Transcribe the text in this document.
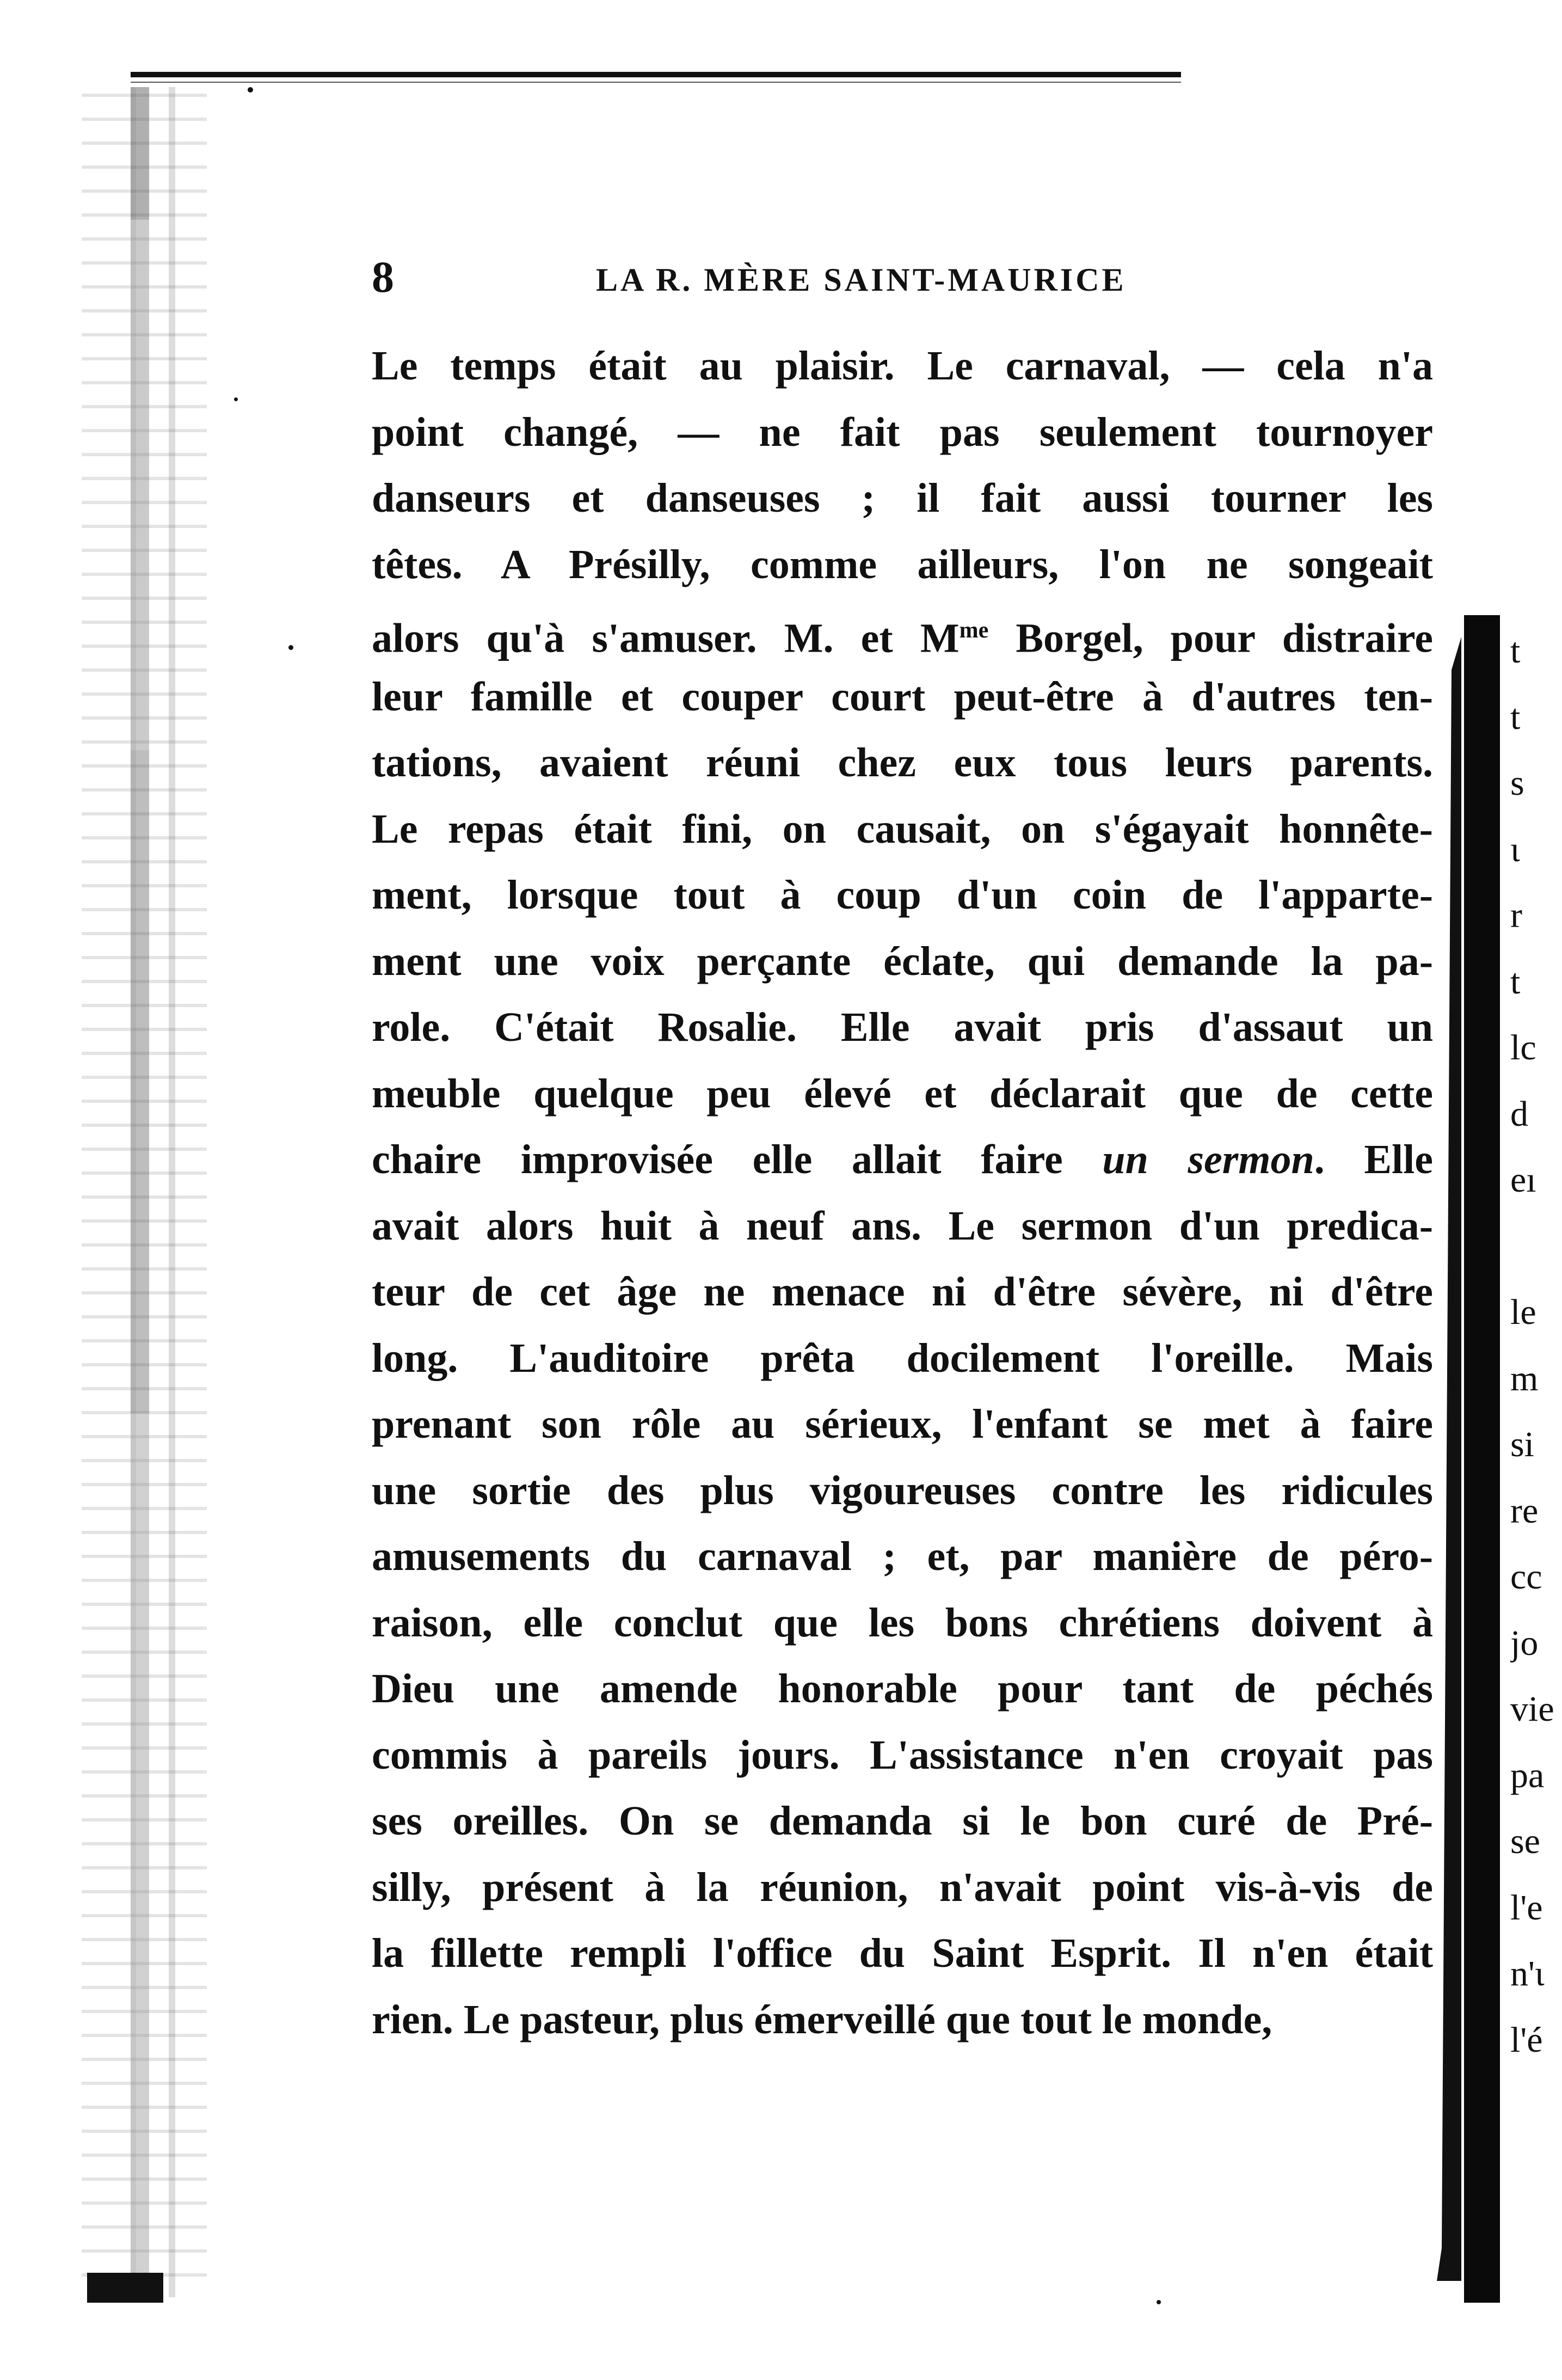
8	LA R. MÈRE SAINT-MAURICE
Le temps était au plaisir. Le carnaval, — cela n'a
point changé, — ne fait pas seulement tournoyer
danseurs et danseuses ; il fait aussi tourner les
têtes. A Présilly, comme ailleurs, l'on ne songeait
alors qu'à s'amuser. M. et $M^{me}$ Borgel, pour distraire
leur famille et couper court peut-être à d'autres ten-
tations, avaient réuni chez eux tous leurs parents.
Le repas était fini, on causait, on s'égayait honnête-
ment, lorsque tout à coup d'un coin de l'apparte-
ment une voix perçante éclate, qui demande la pa-
role. C'était Rosalie. Elle avait pris d'assaut un
meuble quelque peu élevé et déclarait que de cette
chaire improvisée elle allait faire un sermon. Elle
avait alors huit à neuf ans. Le sermon d'un predica-
teur de cet âge ne menace ni d'être sévère, ni d'être
long. L'auditoire prêta docilement l'oreille. Mais
prenant son rôle au sérieux, l'enfant se met à faire
une sortie des plus vigoureuses contre les ridicules
amusements du carnaval ; et, par manière de péro-
raison, elle conclut que les bons chrétiens doivent à
Dieu une amende honorable pour tant de péchés
commis à pareils jours. L'assistance n'en croyait pas
ses oreilles. On se demanda si le bon curé de Pré-
silly, présent à la réunion, n'avait point vis-à-vis de
la fillette rempli l'office du Saint Esprit. Il n'en était
rien. Le pasteur, plus émerveillé que tout le monde,
t
t
s
ι
r
t
lc
d
eı
le
m
si
re
cc
jo
vie
pa
se
l'e
n'ι
l'é
